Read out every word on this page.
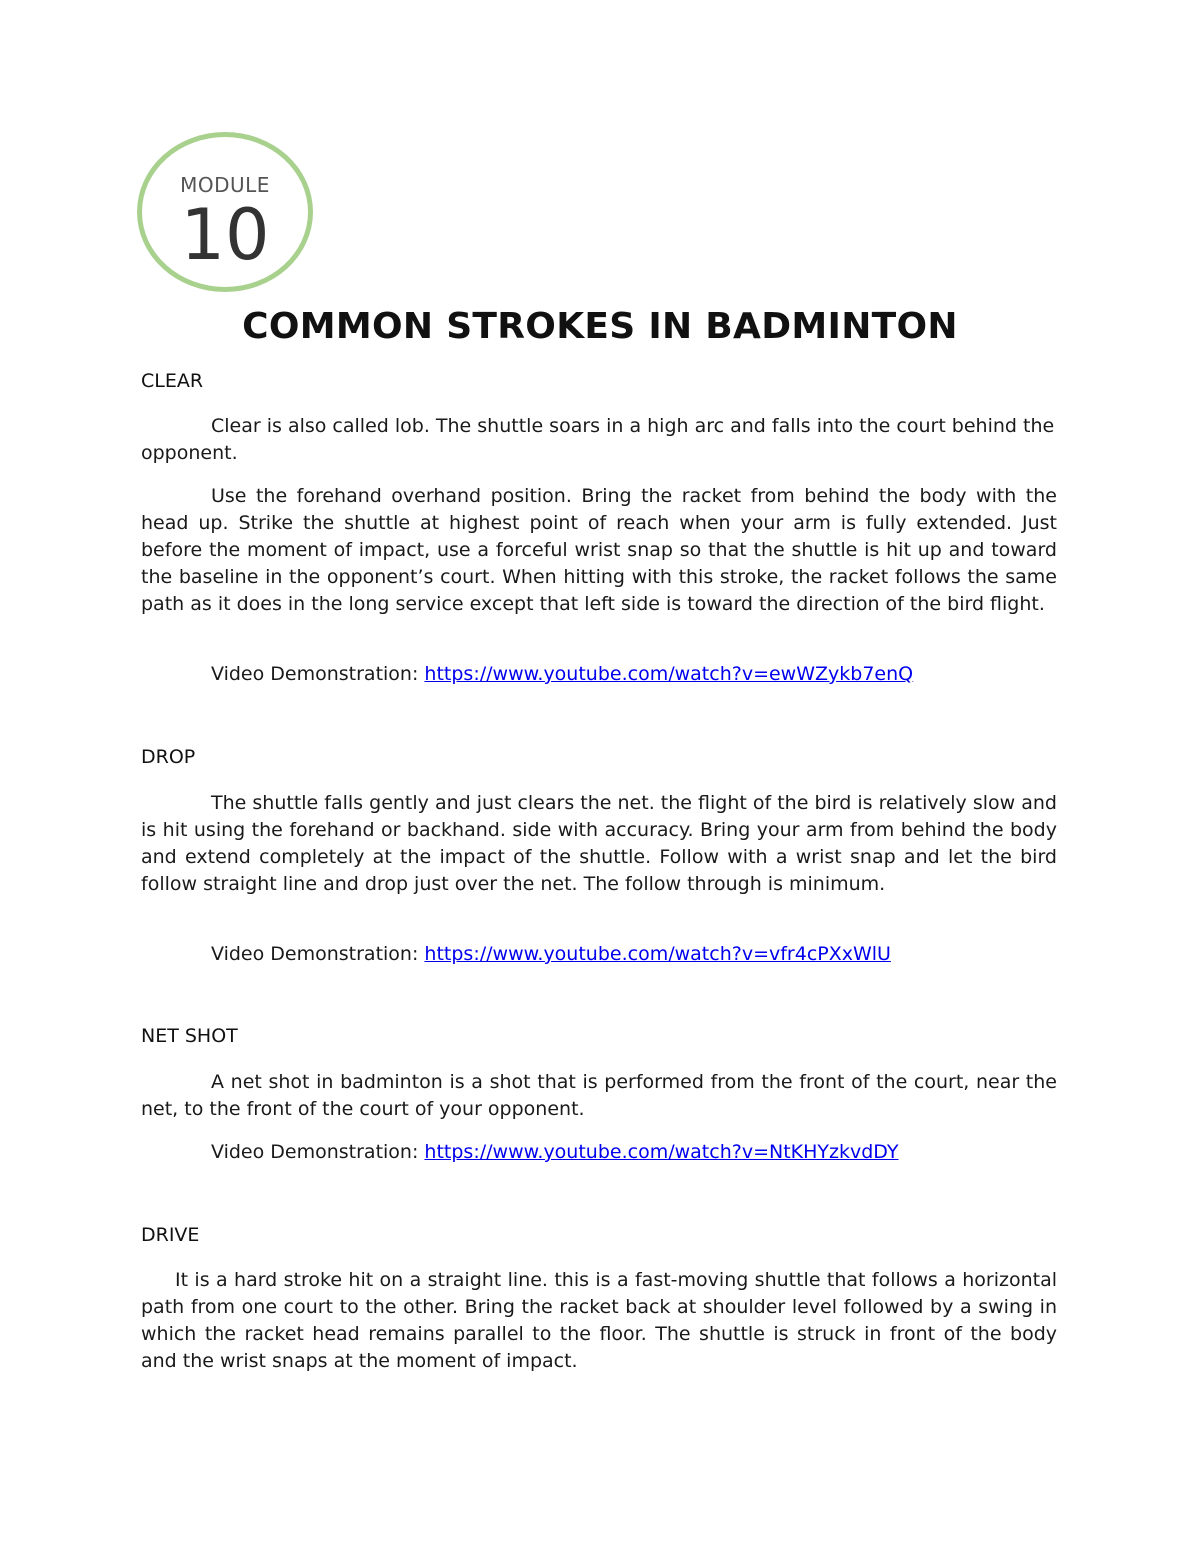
MODULE
10
COMMON STROKES IN BADMINTON
CLEAR

Clear is also called lob. The shuttle soars in a high arc and falls into the court behind the opponent.

Use the forehand overhand position. Bring the racket from behind the body with the head up. Strike the shuttle at highest point of reach when your arm is fully extended. Just before the moment of impact, use a forceful wrist snap so that the shuttle is hit up and toward the baseline in the opponent’s court. When hitting with this stroke, the racket follows the same path as it does in the long service except that left side is toward the direction of the bird flight.

Video Demonstration: https://www.youtube.com/watch?v=ewWZykb7enQ
DROP

The shuttle falls gently and just clears the net. the flight of the bird is relatively slow and is hit using the forehand or backhand. side with accuracy. Bring your arm from behind the body and extend completely at the impact of the shuttle. Follow with a wrist snap and let the bird follow straight line and drop just over the net. The follow through is minimum.

Video Demonstration: https://www.youtube.com/watch?v=vfr4cPXxWlU
NET SHOT

A net shot in badminton is a shot that is performed from the front of the court, near the net, to the front of the court of your opponent.

Video Demonstration: https://www.youtube.com/watch?v=NtKHYzkvdDY
DRIVE

It is a hard stroke hit on a straight line. this is a fast-moving shuttle that follows a horizontal path from one court to the other. Bring the racket back at shoulder level followed by a swing in which the racket head remains parallel to the floor. The shuttle is struck in front of the body and the wrist snaps at the moment of impact.
